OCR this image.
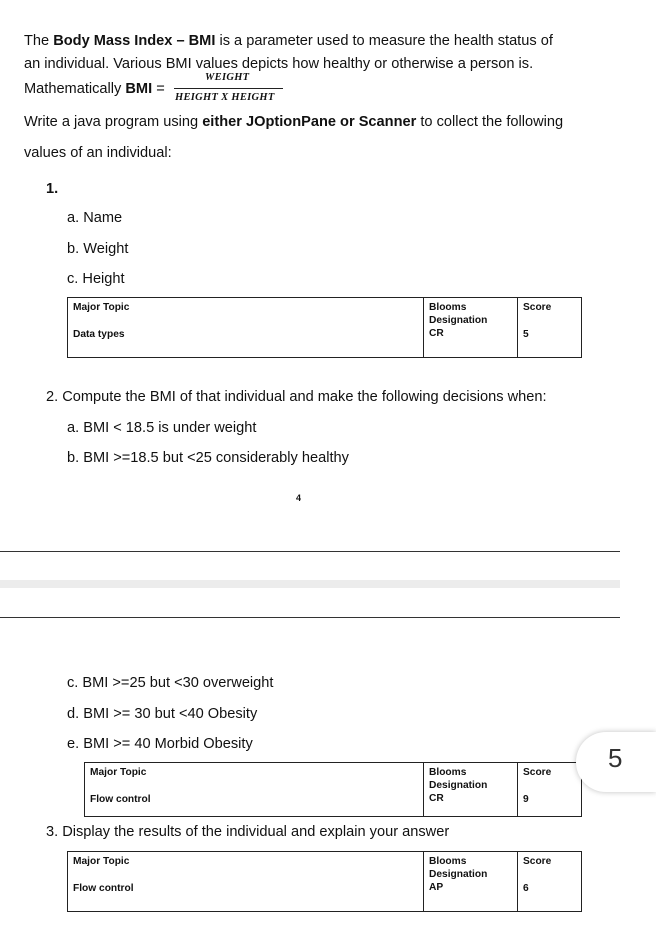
The Body Mass Index – BMI is a parameter used to measure the health status of
an individual. Various BMI values depicts how healthy or otherwise a person is.
Mathematically BMI =
WEIGHT
HEIGHT X HEIGHT
Write a java program using either JOptionPane or Scanner to collect the following
values of an individual:
1.
a. Name
b. Weight
c. Height
Major Topic
Data types

Blooms
Designation
CR

Score
5
2. Compute the BMI of that individual and make the following decisions when:
a. BMI < 18.5 is under weight
b. BMI >=18.5 but <25 considerably healthy
4
c. BMI >=25 but <30 overweight
d. BMI >= 30 but <40 Obesity
e. BMI >= 40 Morbid Obesity
Major Topic
Flow control

Blooms
Designation
CR

Score
9
3. Display the results of the individual and explain your answer
Major Topic
Flow control

Blooms
Designation
AP

Score
6
5
